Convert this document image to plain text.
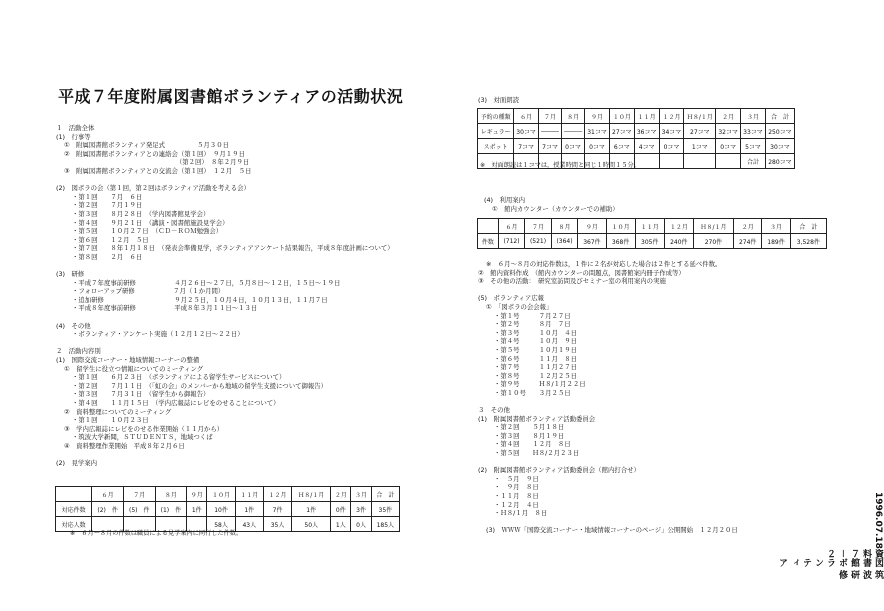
平成７年度附属図書館ボランティアの活動状況
１　活動全体
(1)　行事等
①　附属図書館ボランティア発足式　　　　　５月３０日
②　附属図書館ボランティアとの連絡会（第１回）　９月１９日
　　　　　　　　　　　　　　　　　　（第２回）　８年２月９日
③　附属図書館ボランティアとの交流会（第１回）　１２月　５日

(2)　図ボラの会（第１回，第２回はボランティア活動を考える会）
・第１回　　７月　６日
・第２回　　７月１９日
・第３回　　８月２８日　（学内図書館見学会）
・第４回　　９月２１日　（講演・図書館施設見学会）
・第５回　　１０月２７日　（ＣＤ－ＲＯＭ勉強会）
・第６回　　１２月　５日
・第７回　　８年１月１８日　（発表会準備見学，ボランティアアンケート結果報告，平成８年度計画について）
・第８回　　２月　６日

(3)　研修
・平成７年度事前研修　　　　　　４月２６日～２７日，５月８日～１２日，１５日～１９日
・フォローアップ研修　　　　　　７月（１か月間）
・追加研修　　　　　　　　　　　９月２５日，１０月４日，１０月１３日，１１月７日
・平成８年度事前研修　　　　　　平成８年３月１１日～１３日

(4)　その他
・ボランティア・アンケート実施（１２月１２日～２２日）

２　活動内容別
(1)　国際交流コーナー・地域情報コーナーの整備
①　留学生に役立つ情報についてのミーティング
・第１回　　６月２３日　（ボランティアによる留学生サービスについて）
・第２回　　７月１１日　（「虹の会」のメンバーから地域の留学生支援について御報告）
・第３回　　７月３１日　（留学生から御報告）
・第４回　　１１月１５日　（学内広報誌にレビをのせることについて）
②　資料整理についてのミーティング
・第１回　　１０月２３日
③　学内広報誌にレビをのせる作業開始（１１月から）
・筑波大学新聞，ＳＴＵＤＥＮＴＳ，地域つくば
④　資料整理作業開始　平成８年２月６日

(2)　見学案内
	６月	７月	８月	９月	１０月	１１月	１２月	Ｈ８/１月	２月	３月	合　計
対応件数	(2)　件	(5)　件	(1)　件	1件	10件	1件	7件	1件	0件	3件	35件
対応人数					58人	43人	35人	50人	1人	0人	185人
※　６月～８月の件数は職員による見学案内に同行した件数。
(3)　対面朗読
予約の種類	６月	７月	８月	９月	１０月	１１月	１２月	Ｈ８/１月	２月	３月	合　計
レギュラー	30コマ	―――	―――	31コマ	27コマ	36コマ	34コマ	27コマ	32コマ	33コマ	250コマ
スポット	7コマ	7コマ	0コマ	0コマ	6コマ	4コマ	0コマ	1コマ	0コマ	5コマ	30コマ
										合計	280コマ
※　対面朗読は１コマは，授業時間と同じ１時間１５分。
(4)　利用案内
①　館内カウンター（カウンターでの補助）
	６月	７月	８月	９月	１０月	１１月	１２月	Ｈ８/１月	２月	３月	合　計
件数	(712)	(521)	(364)	367件	368件	305件	240件	270件	274件	189件	3,528件
※　６月～８月の対応件数は，１件に２名が対応した場合は２件とする延べ件数。
②　館内資料作成　（館内カウンターの問題点，図書館案内冊子作成等）
③　その他の活動：　研究室訪問及びセミナー室の利用案内の実施

(5)　ボランティア広報
①　「図ボラの会会報」
・第１号　　　７月２７日
・第２号　　　８月　７日
・第３号　　　１０月　４日
・第４号　　　１０月　９日
・第５号　　　１０月１９日
・第６号　　　１１月　８日
・第７号　　　１１月２７日
・第８号　　　１２月２５日
・第９号　　　Ｈ８/１月２２日
・第１０号　　３月２５日

３　その他
(1)　附属図書館ボランティア活動委員会
・第２回　　５月１８日
・第３回　　８月１９日
・第４回　　１２月　８日
・第５回　　Ｈ８/２月２３日

(2)　附属図書館ボランティア活動委員会（館内打合せ）
・　５月　９日
・　９月　８日
・１１月　８日
・１２月　４日
・Ｈ８/１月　８日

(3)　ＷＷＷ「国際交流コーナー・地域情報コーナーのページ」公開開始　１２月２０日
筑　波　研　修
図書館ボランティア
資料７－２
1996.07.18
